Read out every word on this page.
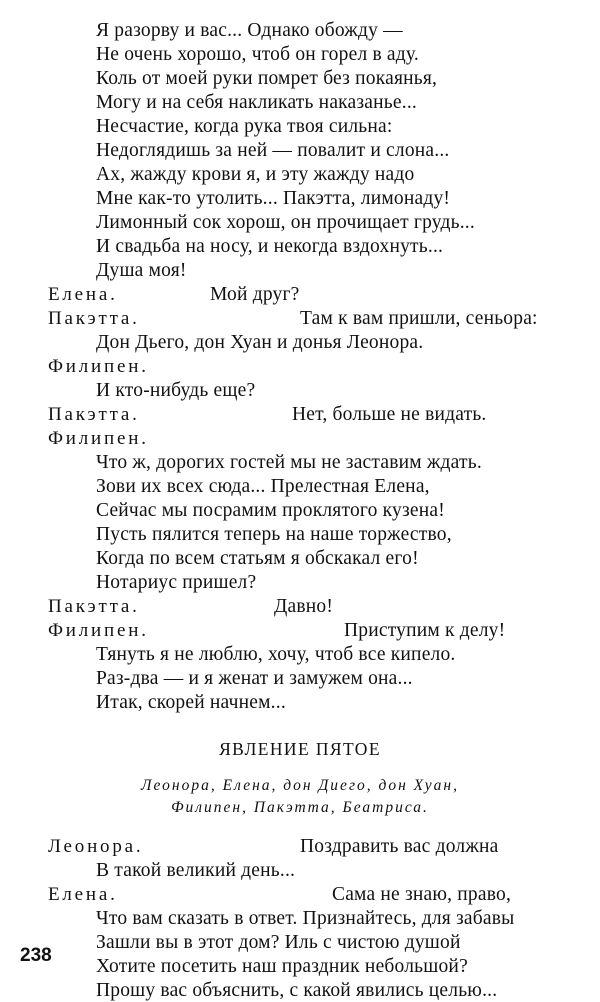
Я разорву и вас... Однако обожду —
Не очень хорошо, чтоб он горел в аду.
Коль от моей руки помрет без покаянья,
Могу и на себя накликать наказанье...
Несчастие, когда рука твоя сильна:
Недоглядишь за ней — повалит и слона...
Ах, жажду крови я, и эту жажду надо
Мне как-то утолить... Пакэтта, лимонаду!
Лимонный сок хорош, он прочищает грудь...
И свадьба на носу, и некогда вздохнуть...
Душа моя!
Елена.	Мой друг?
Пакэтта.	Там к вам пришли, сеньора:
Дон Дьего, дон Хуан и донья Леонора.
Филипен.
И кто-нибудь еще?
Пакэтта.	Нет, больше не видать.
Филипен.
Что ж, дорогих гостей мы не заставим ждать.
Зови их всех сюда... Прелестная Елена,
Сейчас мы посрамим проклятого кузена!
Пусть пялится теперь на наше торжество,
Когда по всем статьям я обскакал его!
Нотариус пришел?
Пакэтта.	Давно!
Филипен.	Приступим к делу!
Тянуть я не люблю, хочу, чтоб все кипело.
Раз-два — и я женат и замужем она...
Итак, скорей начнем...
ЯВЛЕНИЕ ПЯТОЕ
Леонора, Елена, дон Диего, дон Хуан,
Филипен, Пакэтта, Беатриса.
Леонора.	Поздравить вас должна
В такой великий день...
Елена.	Сама не знаю, право,
Что вам сказать в ответ. Признайтесь, для забавы
Зашли вы в этот дом? Иль с чистою душой
Хотите посетить наш праздник небольшой?
Прошу вас объяснить, с какой явились целью...
238
